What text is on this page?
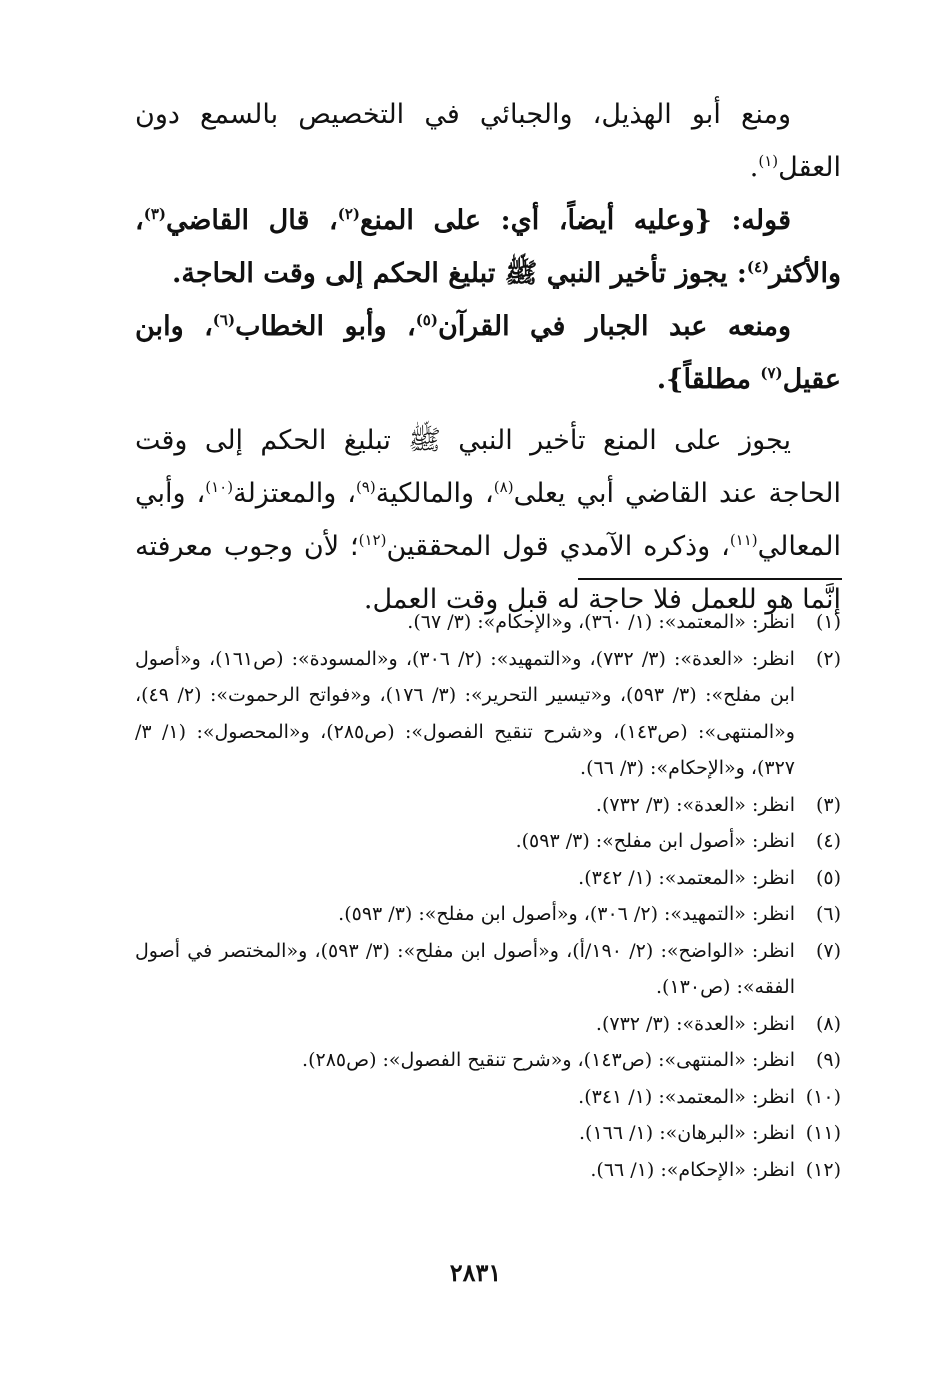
ومنع أبو الهذيل، والجبائي في التخصيص بالسمع دون العقل$^{(١)}$.

قوله: {وعليه أيضاً، أي: على المنع$^{(٢)}$، قال القاضي$^{(٣)}$، والأكثر$^{(٤)}$: يجوز تأخير النبي ﷺ تبليغ الحكم إلى وقت الحاجة.

ومنعه عبد الجبار في القرآن$^{(٥)}$، وأبو الخطاب$^{(٦)}$، وابن عقيل$^{(٧)}$ مطلقاً}.

يجوز على المنع تأخير النبي ﷺ تبليغ الحكم إلى وقت الحاجة عند القاضي أبي يعلى$^{(٨)}$، والمالكية$^{(٩)}$، والمعتزلة$^{(١٠)}$، وأبي المعالي$^{(١١)}$، وذكره الآمدي قول المحققين$^{(١٢)}$؛ لأن وجوب معرفته إنَّما هو للعمل فلا حاجة له قبل وقت العمل.

(١)
انظر: «المعتمد»: (١/ ٣٦٠)، و«الإحكام»: (٣/ ٦٧).
(٢)
انظر: «العدة»: (٣/ ٧٣٢)، و«التمهيد»: (٢/ ٣٠٦)، و«المسودة»: (ص١٦١)، و«أصول ابن مفلح»: (٣/ ٥٩٣)، و«تيسير التحرير»: (٣/ ١٧٦)، و«فواتح الرحموت»: (٢/ ٤٩)، و«المنتهى»: (ص١٤٣)، و«شرح تنقيح الفصول»: (ص٢٨٥)، و«المحصول»: (١/ ٣/ ٣٢٧)، و«الإحكام»: (٣/ ٦٦).
(٣)
انظر: «العدة»: (٣/ ٧٣٢).
(٤)
انظر: «أصول ابن مفلح»: (٣/ ٥٩٣).
(٥)
انظر: «المعتمد»: (١/ ٣٤٢).
(٦)
انظر: «التمهيد»: (٢/ ٣٠٦)، و«أصول ابن مفلح»: (٣/ ٥٩٣).
(٧)
انظر: «الواضح»: (٢/ ١٩٠/أ)، و«أصول ابن مفلح»: (٣/ ٥٩٣)، و«المختصر في أصول الفقه»: (ص١٣٠).
(٨)
انظر: «العدة»: (٣/ ٧٣٢).
(٩)
انظر: «المنتهى»: (ص١٤٣)، و«شرح تنقيح الفصول»: (ص٢٨٥).
(١٠)
انظر: «المعتمد»: (١/ ٣٤١).
(١١)
انظر: «البرهان»: (١/ ١٦٦).
(١٢)
انظر: «الإحكام»: (١/ ٦٦).
٢٨٣١
